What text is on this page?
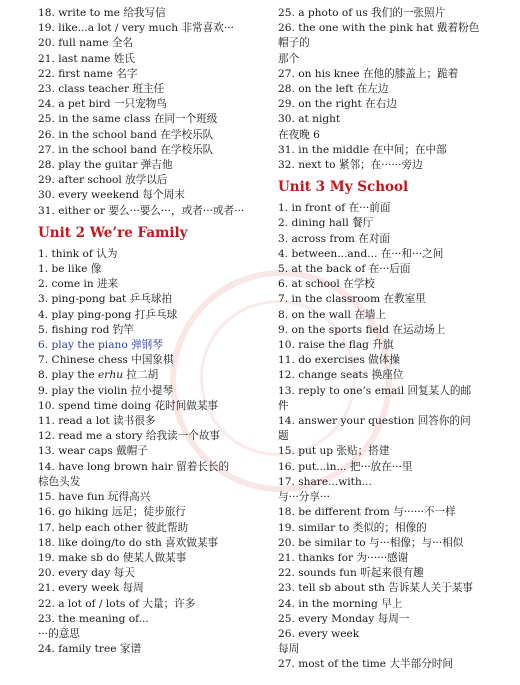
18. write to me 给我写信
19. like...a lot / very much 非常喜欢···
20. full name 全名
21. last name 姓氏
22. first name 名字
23. class teacher 班主任
24. a pet bird 一只宠物鸟
25. in the same class 在同一个班级
26. in the school band 在学校乐队
27. in the school band 在学校乐队
28. play the guitar 弹吉他
29. after school 放学以后
30. every weekend 每个周末
31. either or 要么···要么···，或者···或者···
Unit 2 We’re Family
1. think of 认为
1. be like 像
2. come in 进来
3. ping-pong bat 乒乓球拍
4. play ping-pong 打乒乓球
5. fishing rod 钓竿
6. play the piano 弹钢琴
7. Chinese chess 中国象棋
8. play the erhu 拉二胡
9. play the violin 拉小提琴
10. spend time doing 花时间做某事
11. read a lot 读书很多
12. read me a story 给我读一个故事
13. wear caps 戴帽子
14. have long brown hair 留着长长的
棕色头发
15. have fun 玩得高兴
16. go hiking 远足；徒步旅行
17. help each other 彼此帮助
18. like doing/to do sth 喜欢做某事
19. make sb do 使某人做某事
20. every day 每天
21. every week 每周
22. a lot of / lots of 大量；许多
23. the meaning of...
···的意思
24. family tree 家谱
25. a photo of us 我们的一张照片
26. the one with the pink hat 戴着粉色
帽子的
那个
27. on his knee 在他的膝盖上；跪着
28. on the left 在左边
29. on the right 在右边
30. at night
在夜晚 6
31. in the middle 在中间；在中部
32. next to 紧邻；在······旁边
Unit 3 My School
1. in front of 在···前面
2. dining hall 餐厅
3. across from 在对面
4. between...and... 在···和···之间
5. at the back of 在···后面
6. at school 在学校
7. in the classroom 在教室里
8. on the wall 在墙上
9. on the sports field 在运动场上
10. raise the flag 升旗
11. do exercises 做体操
12. change seats 换座位
13. reply to one’s email 回复某人的邮
件
14. answer your question 回答你的问
题
15. put up 张贴；搭建
16. put...in... 把···放在···里
17. share...with...
与···分享···
18. be different from 与······不一样
19. similar to 类似的；相像的
20. be similar to 与···相像；与···相似
21. thanks for 为······感谢
22. sounds fun 听起来很有趣
23. tell sb about sth 告诉某人关于某事
24. in the morning 早上
25. every Monday 每周一
26. every week
每周
27. most of the time 大半部分时间
